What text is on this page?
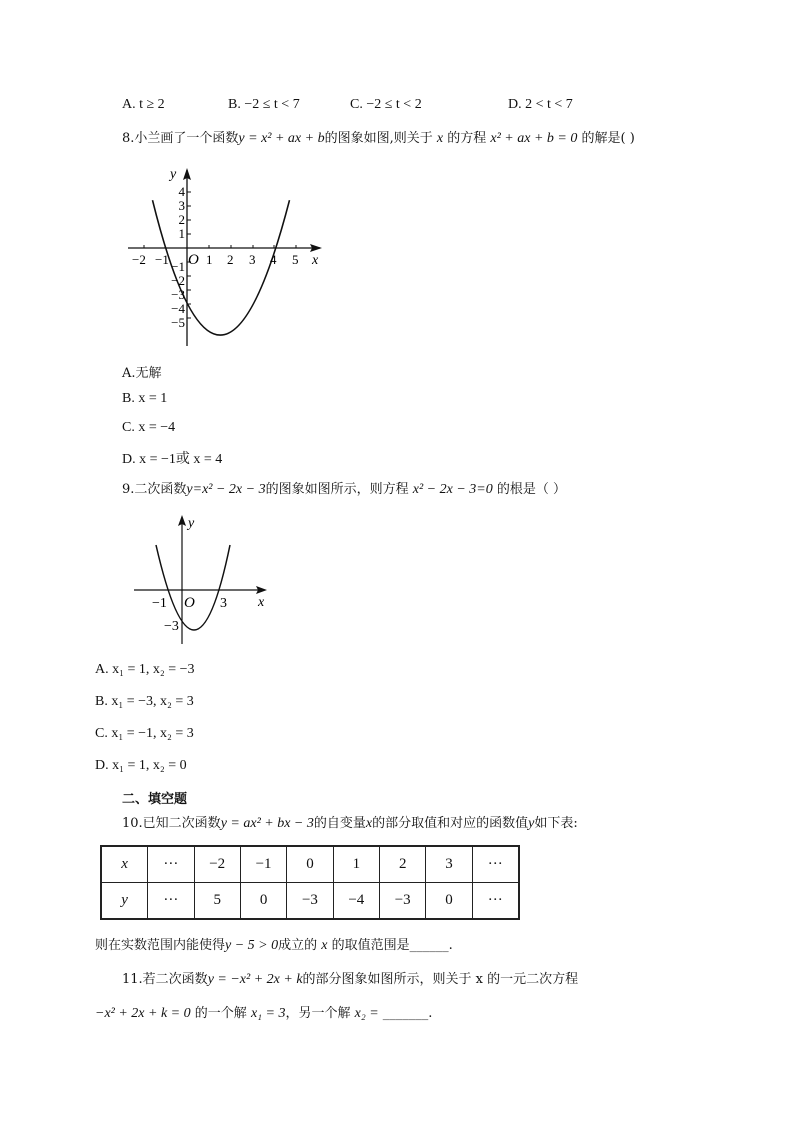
A. t ≥ 2	B. −2 ≤ t < 7	C. −2 ≤ t < 2	D. 2 < t < 7
8.小兰画了一个函数y = x² + ax + b的图象如图,则关于 x 的方程 x² + ax + b = 0 的解是( )
y
x
O
−2 −1	1 2 3 4 5
4
3
2
1
−1
−2
−3
−4
−5
A.无解
B. x = 1
C. x = −4
D. x = −1或 x = 4
9.二次函数y=x² − 2x − 3的图象如图所示，则方程 x² − 2x − 3=0 的根是（ ）
y
x
O
−1	3
−3
A. x₁ = 1, x₂ = −3
B. x₁ = −3, x₂ = 3
C. x₁ = −1, x₂ = 3
D. x₁ = 1, x₂ = 0
二、填空题
10.已知二次函数y = ax² + bx − 3的自变量x的部分取值和对应的函数值y如下表:
x	···	−2	−1	0	1	2	3	···
y	···	5	0	−3	−4	−3	0	···
则在实数范围内能使得y − 5 > 0成立的 x 的取值范围是______.
11.若二次函数y = −x² + 2x + k的部分图象如图所示，则关于 x 的一元二次方程
−x² + 2x + k = 0 的一个解 x₁ = 3，另一个解 x₂ = _______.
